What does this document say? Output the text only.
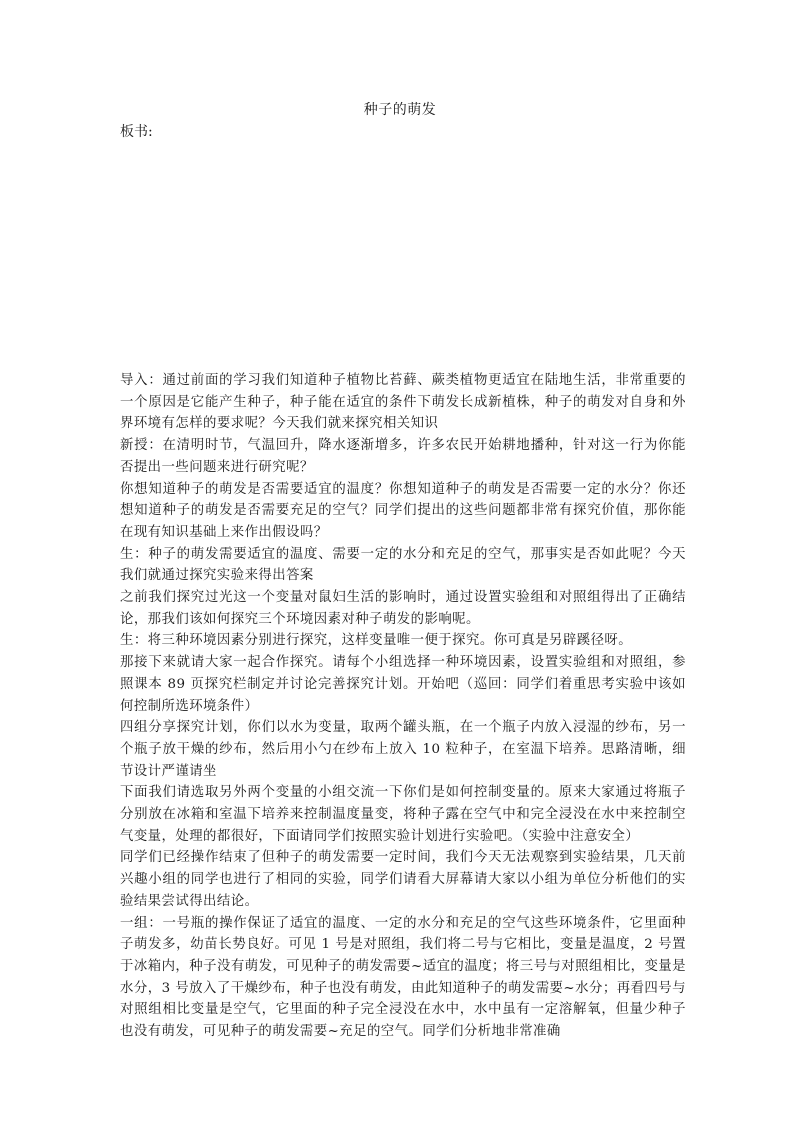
种子的萌发
板书:

导入：通过前面的学习我们知道种子植物比苔藓、蕨类植物更适宜在陆地生活，非常重要的一个原因是它能产生种子，种子能在适宜的条件下萌发长成新植株，种子的萌发对自身和外界环境有怎样的要求呢？今天我们就来探究相关知识

新授：在清明时节，气温回升，降水逐渐增多，许多农民开始耕地播种，针对这一行为你能否提出一些问题来进行研究呢？

你想知道种子的萌发是否需要适宜的温度？你想知道种子的萌发是否需要一定的水分？你还想知道种子的萌发是否需要充足的空气？同学们提出的这些问题都非常有探究价值，那你能在现有知识基础上来作出假设吗？

生：种子的萌发需要适宜的温度、需要一定的水分和充足的空气，那事实是否如此呢？今天我们就通过探究实验来得出答案

之前我们探究过光这一个变量对鼠妇生活的影响时，通过设置实验组和对照组得出了正确结论，那我们该如何探究三个环境因素对种子萌发的影响呢。

生：将三种环境因素分别进行探究，这样变量唯一便于探究。你可真是另辟蹊径呀。

那接下来就请大家一起合作探究。请每个小组选择一种环境因素，设置实验组和对照组，参照课本 89 页探究栏制定并讨论完善探究计划。开始吧（巡回：同学们着重思考实验中该如何控制所选环境条件）

四组分享探究计划，你们以水为变量，取两个罐头瓶，在一个瓶子内放入浸湿的纱布，另一个瓶子放干燥的纱布，然后用小勺在纱布上放入 10 粒种子，在室温下培养。思路清晰，细节设计严谨请坐

下面我们请选取另外两个变量的小组交流一下你们是如何控制变量的。原来大家通过将瓶子分别放在冰箱和室温下培养来控制温度量变，将种子露在空气中和完全浸没在水中来控制空气变量，处理的都很好，下面请同学们按照实验计划进行实验吧。（实验中注意安全）

同学们已经操作结束了但种子的萌发需要一定时间，我们今天无法观察到实验结果，几天前兴趣小组的同学也进行了相同的实验，同学们请看大屏幕请大家以小组为单位分析他们的实验结果尝试得出结论。

一组：一号瓶的操作保证了适宜的温度、一定的水分和充足的空气这些环境条件，它里面种子萌发多，幼苗长势良好。可见 1 号是对照组，我们将二号与它相比，变量是温度，2 号置于冰箱内，种子没有萌发，可见种子的萌发需要~适宜的温度；将三号与对照组相比，变量是水分，3 号放入了干燥纱布，种子也没有萌发，由此知道种子的萌发需要~水分；再看四号与对照组相比变量是空气，它里面的种子完全浸没在水中，水中虽有一定溶解氧，但量少种子也没有萌发，可见种子的萌发需要~充足的空气。同学们分析地非常准确
